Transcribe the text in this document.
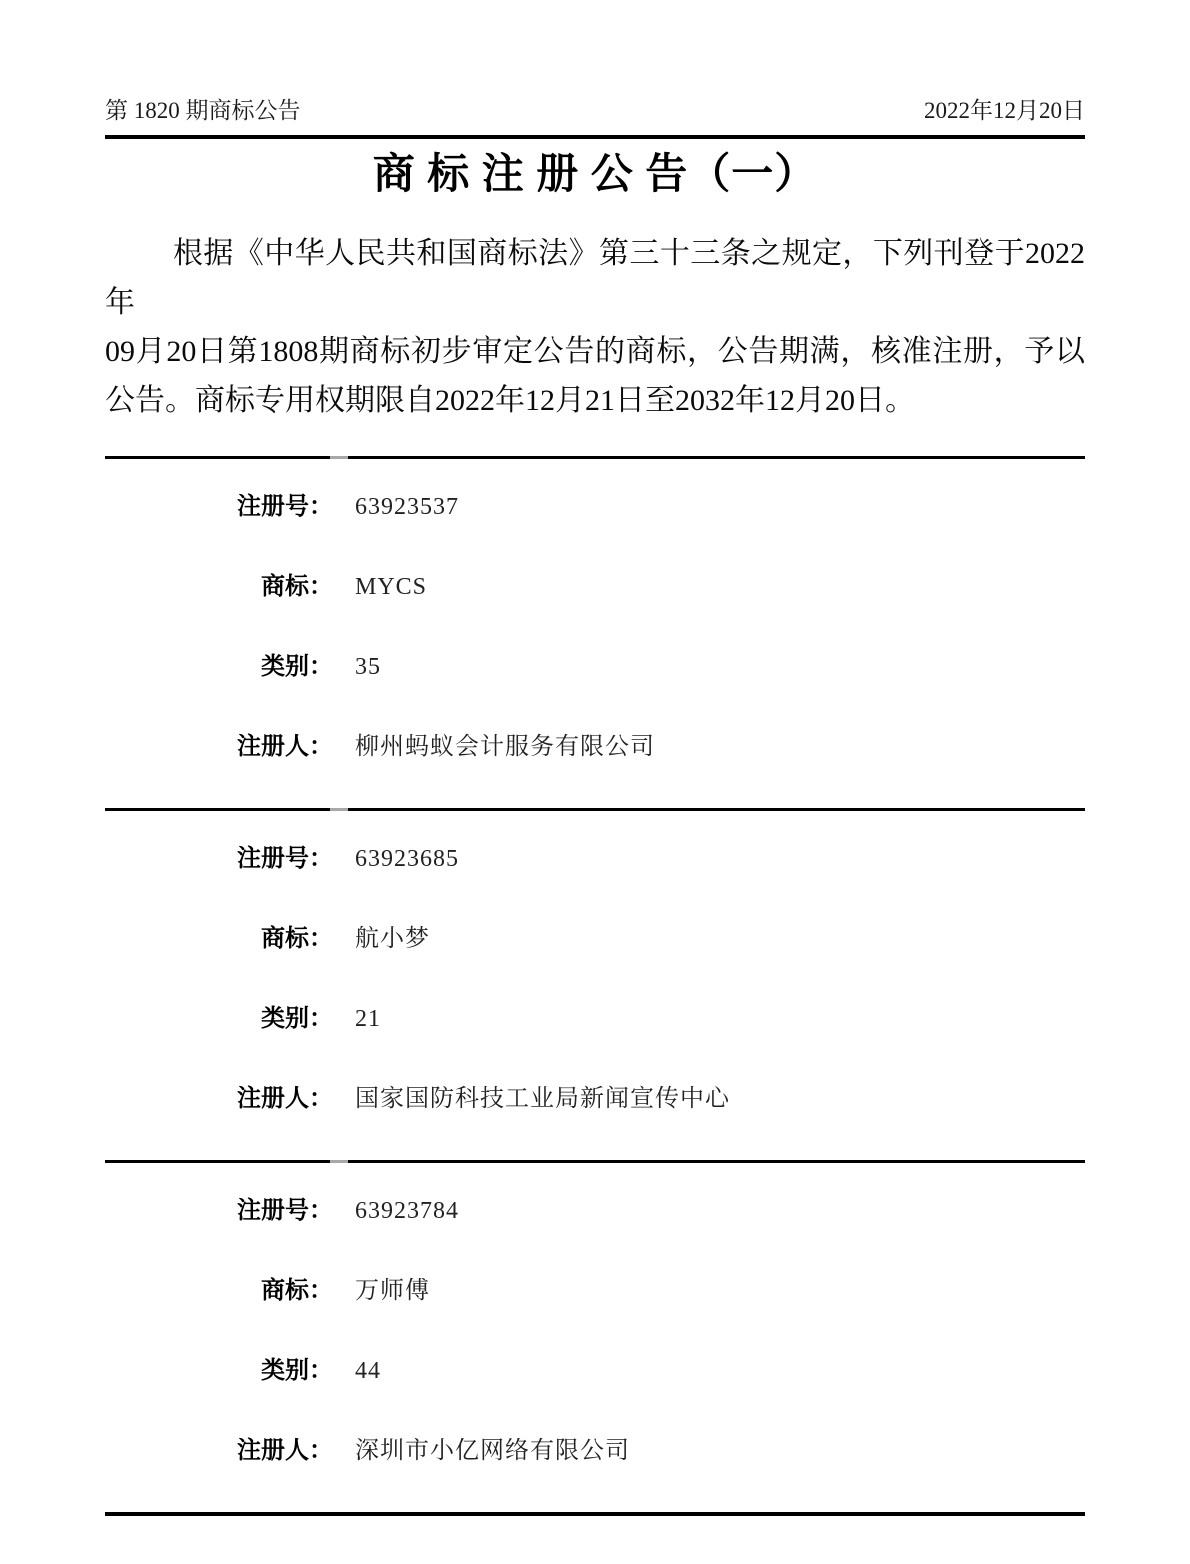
第 1820 期商标公告	2022年12月20日
商 标 注 册 公 告（一）
根据《中华人民共和国商标法》第三十三条之规定，下列刊登于2022年
09月20日第1808期商标初步审定公告的商标，公告期满，核准注册，予以
公告。商标专用权期限自2022年12月21日至2032年12月20日。
注册号： 63923537
商标： MYCS
类别： 35
注册人： 柳州蚂蚁会计服务有限公司
注册号： 63923685
商标： 航小梦
类别： 21
注册人： 国家国防科技工业局新闻宣传中心
注册号： 63923784
商标： 万师傅
类别： 44
注册人： 深圳市小亿网络有限公司
